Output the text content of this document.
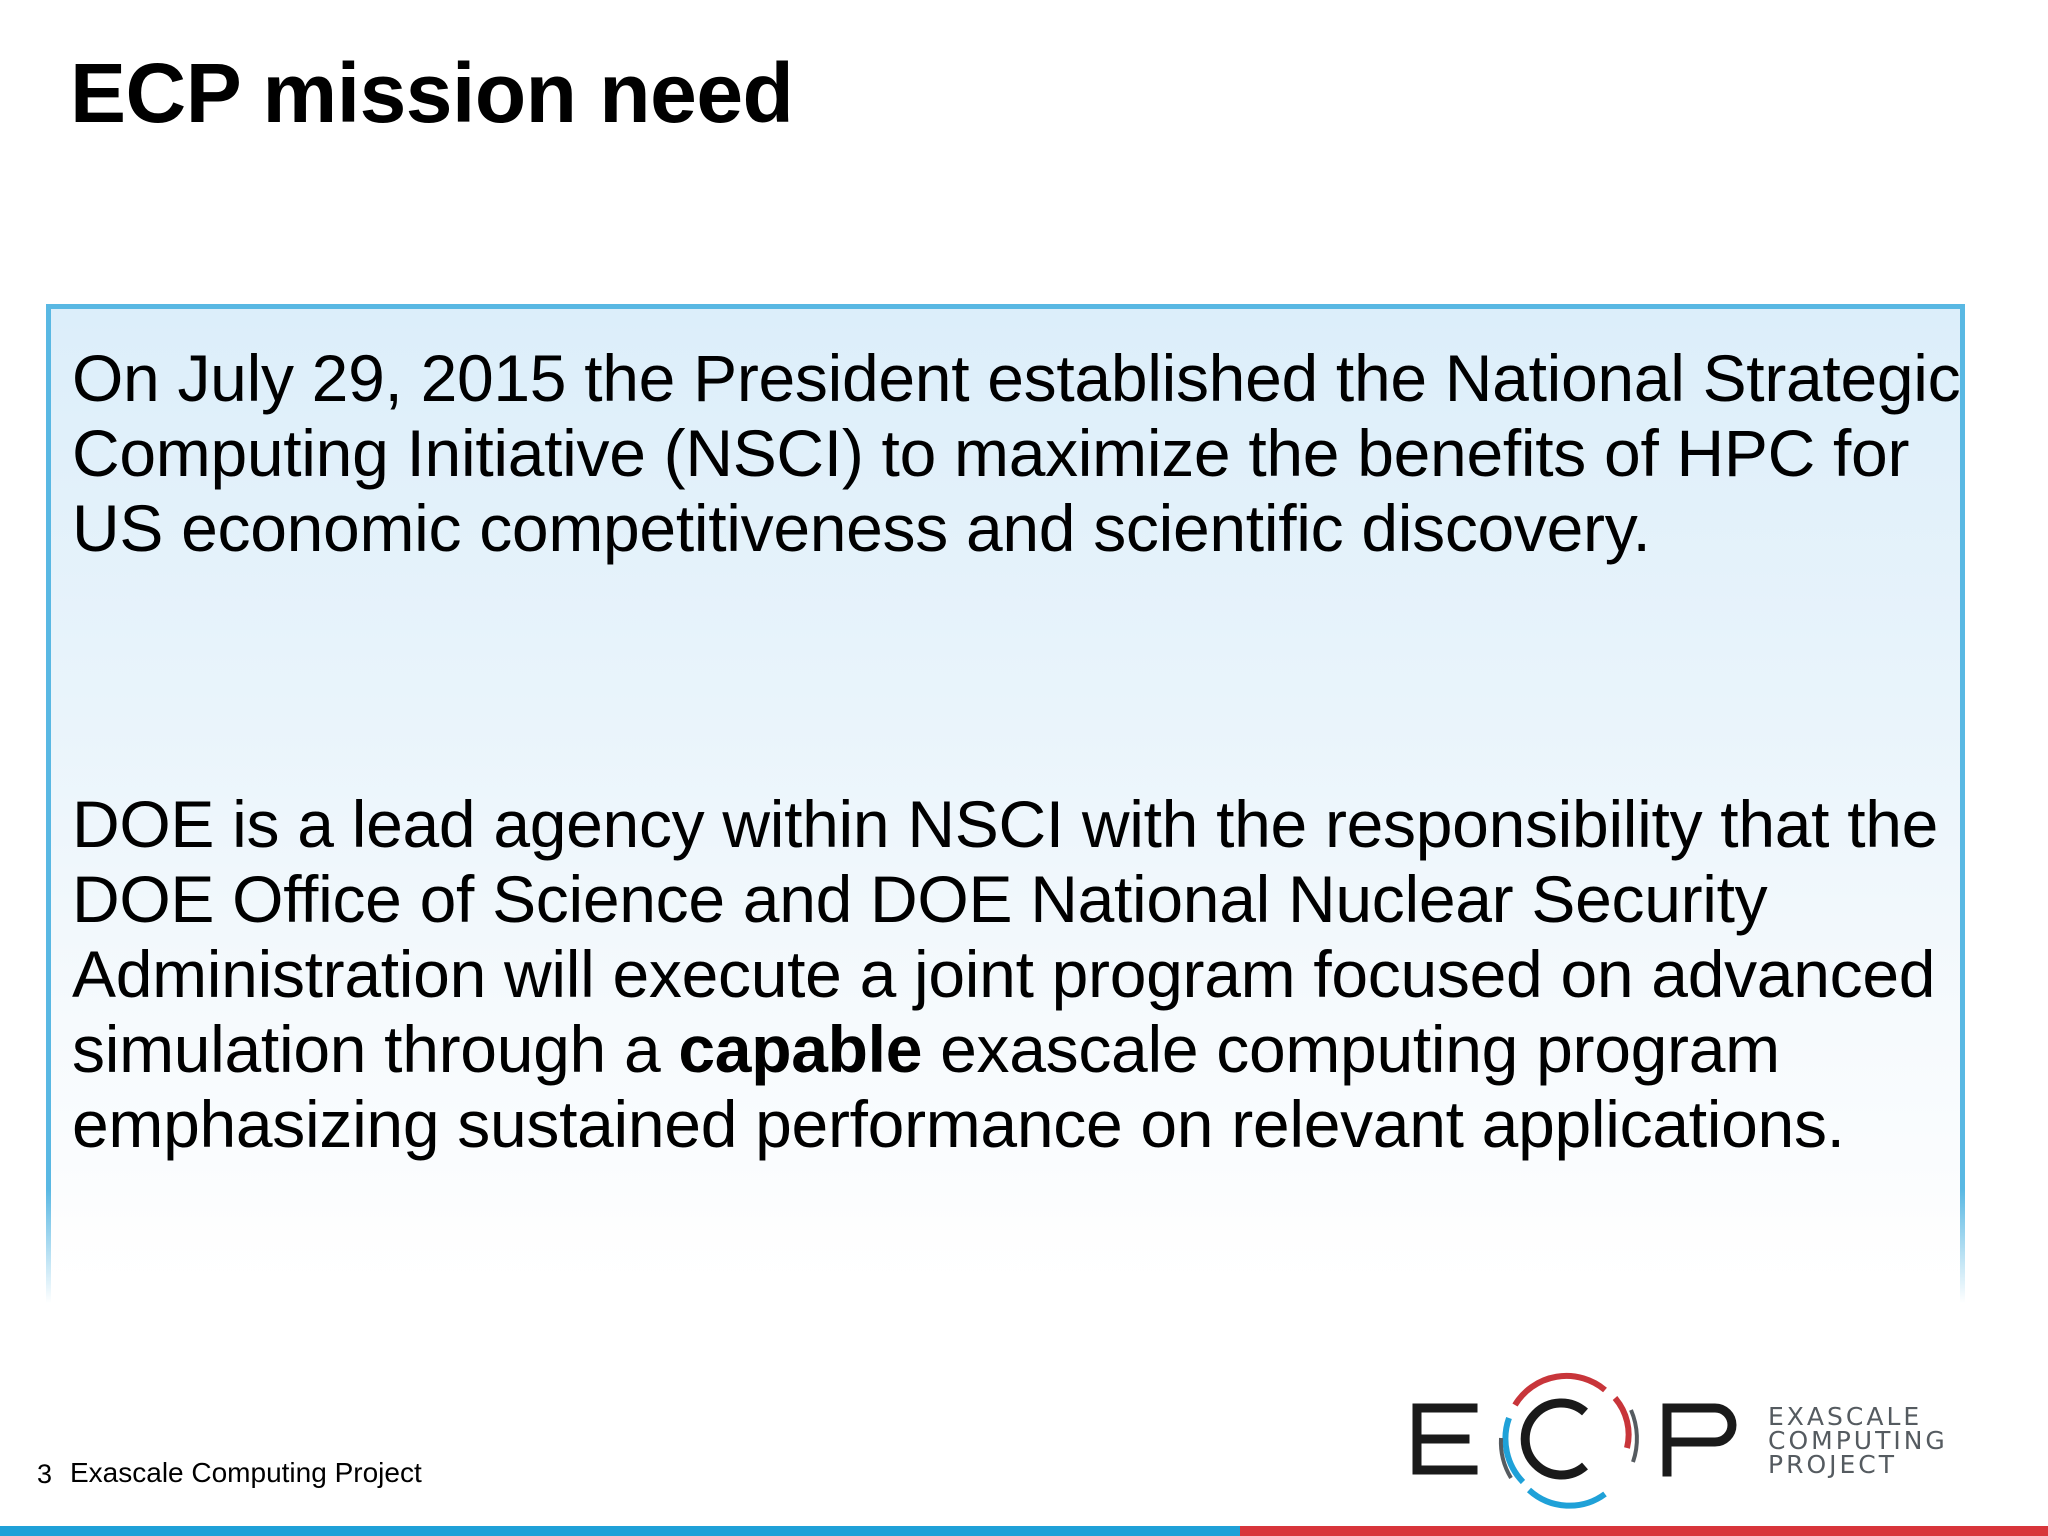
ECP mission need

On July 29, 2015 the President established the National Strategic Computing Initiative (NSCI) to maximize the benefits of HPC for US economic competitiveness and scientific discovery.

DOE is a lead agency within NSCI with the responsibility that the DOE Office of Science and DOE National Nuclear Security Administration will execute a joint program focused on advanced simulation through a capable exascale computing program emphasizing sustained performance on relevant applications.

3 Exascale Computing Project
EXASCALE
COMPUTING
PROJECT
